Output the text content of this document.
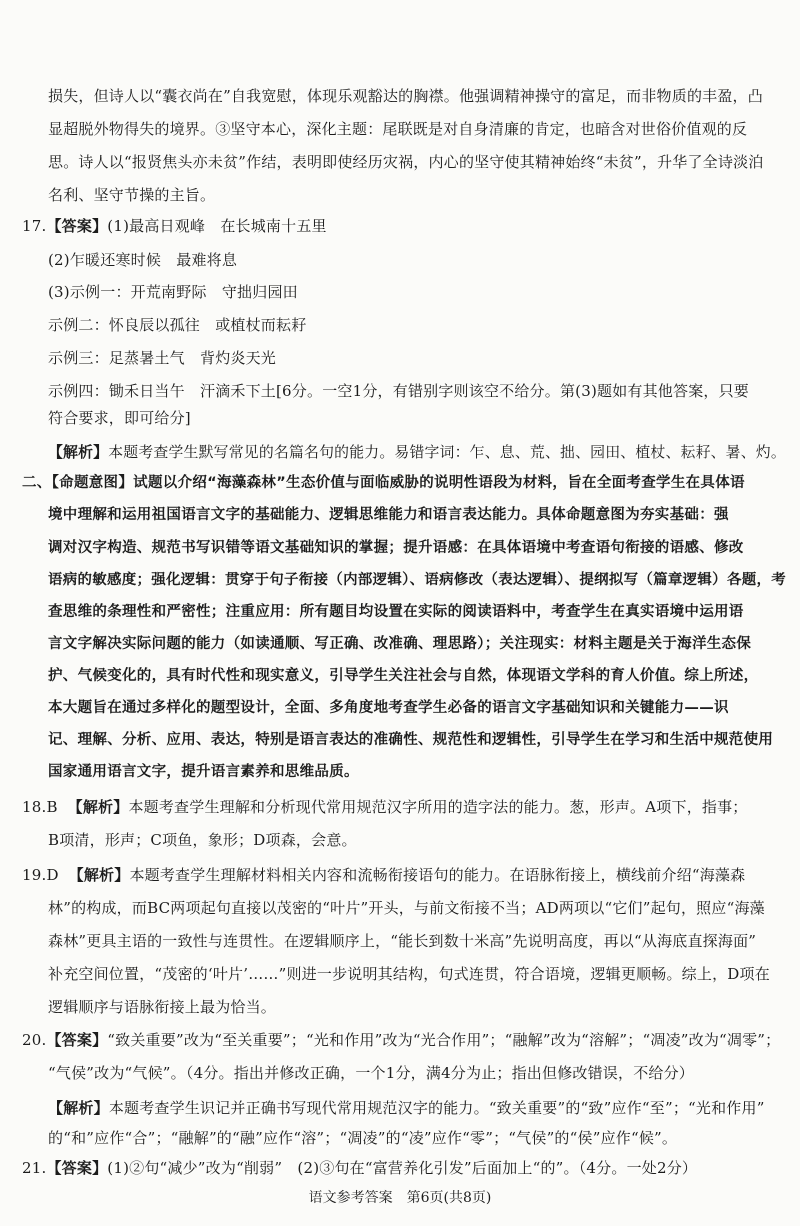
损失，但诗人以“囊衣尚在”自我宽慰，体现乐观豁达的胸襟。他强调精神操守的富足，而非物质的丰盈，凸
显超脱外物得失的境界。③坚守本心，深化主题：尾联既是对自身清廉的肯定，也暗含对世俗价值观的反
思。诗人以“报贤焦头亦未贫”作结，表明即使经历灾祸，内心的坚守使其精神始终“未贫”，升华了全诗淡泊
名利、坚守节操的主旨。
17.【答案】(1)最高日观峰　在长城南十五里
(2)乍暖还寒时候　最难将息
(3)示例一：开荒南野际　守拙归园田
示例二：怀良辰以孤往　或植杖而耘耔
示例三：足蒸暑土气　背灼炎天光
示例四：锄禾日当午　汗滴禾下土[6分。一空1分，有错别字则该空不给分。第(3)题如有其他答案，只要
符合要求，即可给分]
【解析】本题考查学生默写常见的名篇名句的能力。易错字词：乍、息、荒、拙、园田、植杖、耘耔、暑、灼。
二、【命题意图】试题以介绍“海藻森林”生态价值与面临威胁的说明性语段为材料，旨在全面考查学生在具体语
境中理解和运用祖国语言文字的基础能力、逻辑思维能力和语言表达能力。具体命题意图为夯实基础：强
调对汉字构造、规范书写识错等语文基础知识的掌握；提升语感：在具体语境中考查语句衔接的语感、修改
语病的敏感度；强化逻辑：贯穿于句子衔接（内部逻辑）、语病修改（表达逻辑）、提纲拟写（篇章逻辑）各题，考
查思维的条理性和严密性；注重应用：所有题目均设置在实际的阅读语料中，考查学生在真实语境中运用语
言文字解决实际问题的能力（如读通顺、写正确、改准确、理思路）；关注现实：材料主题是关于海洋生态保
护、气候变化的，具有时代性和现实意义，引导学生关注社会与自然，体现语文学科的育人价值。综上所述，
本大题旨在通过多样化的题型设计，全面、多角度地考查学生必备的语言文字基础知识和关键能力——识
记、理解、分析、应用、表达，特别是语言表达的准确性、规范性和逻辑性，引导学生在学习和生活中规范使用
国家通用语言文字，提升语言素养和思维品质。
18.B 【解析】本题考查学生理解和分析现代常用规范汉字所用的造字法的能力。葱，形声。A项下，指事；
B项清，形声；C项鱼，象形；D项森，会意。
19.D 【解析】本题考查学生理解材料相关内容和流畅衔接语句的能力。在语脉衔接上，横线前介绍“海藻森
林”的构成，而BC两项起句直接以茂密的“叶片”开头，与前文衔接不当；AD两项以“它们”起句，照应“海藻
森林”更具主语的一致性与连贯性。在逻辑顺序上，“能长到数十米高”先说明高度，再以“从海底直探海面”
补充空间位置，“茂密的‘叶片’……”则进一步说明其结构，句式连贯，符合语境，逻辑更顺畅。综上，D项在
逻辑顺序与语脉衔接上最为恰当。
20.【答案】“致关重要”改为“至关重要”；“光和作用”改为“光合作用”；“融解”改为“溶解”；“凋凌”改为“凋零”；
“气侯”改为“气候”。（4分。指出并修改正确，一个1分，满4分为止；指出但修改错误，不给分）
【解析】本题考查学生识记并正确书写现代常用规范汉字的能力。“致关重要”的“致”应作“至”；“光和作用”
的“和”应作“合”；“融解”的“融”应作“溶”；“凋凌”的“凌”应作“零”；“气侯”的“侯”应作“候”。
21.【答案】(1)②句“减少”改为“削弱”　(2)③句在“富营养化引发”后面加上“的”。（4分。一处2分）
语文参考答案　第6页(共8页)
